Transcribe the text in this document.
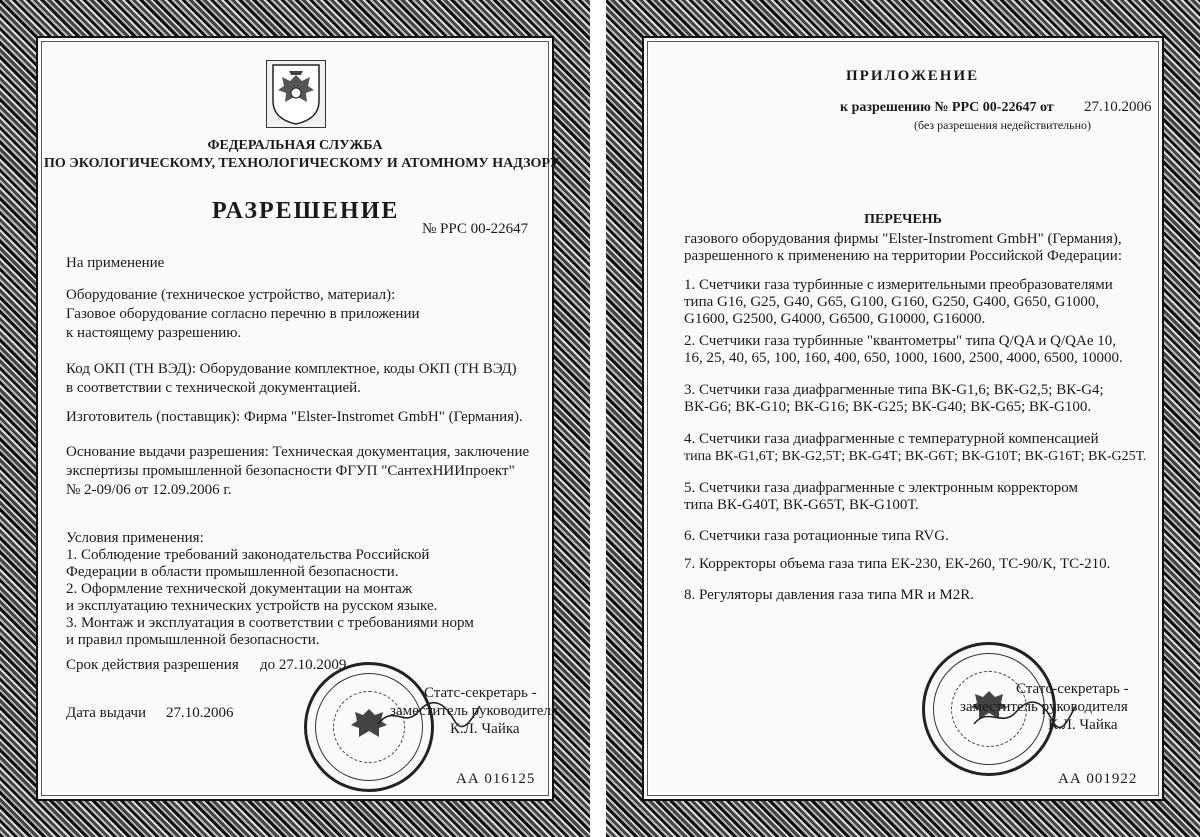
ФЕДЕРАЛЬНАЯ СЛУЖБА
ПО ЭКОЛОГИЧЕСКОМУ, ТЕХНОЛОГИЧЕСКОМУ И АТОМНОМУ НАДЗОРУ
РАЗРЕШЕНИЕ
№ РРС 00-22647
На применение
Оборудование (техническое устройство, материал):
Газовое оборудование согласно перечню в приложении
к настоящему разрешению.
Код ОКП (ТН ВЭД): Оборудование комплектное, коды ОКП (ТН ВЭД)
в соответствии с технической документацией.
Изготовитель (поставщик): Фирма "Elster-Instromet GmbH" (Германия).
Основание выдачи разрешения: Техническая документация, заключение
экспертизы промышленной безопасности ФГУП "СантехНИИпроект"
№ 2-09/06 от 12.09.2006 г.
Условия применения:
1. Соблюдение требований законодательства Российской
Федерации в области промышленной безопасности.
2. Оформление технической документации на монтаж
и эксплуатацию технических устройств на русском языке.
3. Монтаж и эксплуатация в соответствии с требованиями норм
и правил промышленной безопасности.
Срок действия разрешения до 27.10.2009
Дата выдачи 27.10.2006
Статс-секретарь -
заместитель руководителя
К.Л. Чайка
АА 016125
ПРИЛОЖЕНИЕ
к разрешению № РРС 00-22647 от 27.10.2006
(без разрешения недействительно)
ПЕРЕЧЕНЬ
газового оборудования фирмы "Elster-Instroment GmbH" (Германия),
разрешенного к применению на территории Российской Федерации:
1. Счетчики газа турбинные с измерительными преобразователями
типа G16, G25, G40, G65, G100, G160, G250, G400, G650, G1000,
G1600, G2500, G4000, G6500, G10000, G16000.
2. Счетчики газа турбинные "квантометры" типа Q/QA и Q/QAe 10,
16, 25, 40, 65, 100, 160, 400, 650, 1000, 1600, 2500, 4000, 6500, 10000.
3. Счетчики газа диафрагменные типа ВК-G1,6; ВК-G2,5; ВК-G4;
ВК-G6; ВК-G10; ВК-G16; ВК-G25; ВК-G40; ВК-G65; ВК-G100.
4. Счетчики газа диафрагменные с температурной компенсацией
типа ВК-G1,6Т; ВК-G2,5Т; ВК-G4Т; ВК-G6Т; ВК-G10Т; ВК-G16Т; ВК-G25Т.
5. Счетчики газа диафрагменные с электронным корректором
типа ВК-G40Т, ВК-G65Т, ВК-G100Т.
6. Счетчики газа ротационные типа RVG.
7. Корректоры объема газа типа ЕК-230, ЕК-260, ТС-90/К, ТС-210.
8. Регуляторы давления газа типа MR и M2R.
Статс-секретарь -
заместитель руководителя
К.Л. Чайка
АА 001922
